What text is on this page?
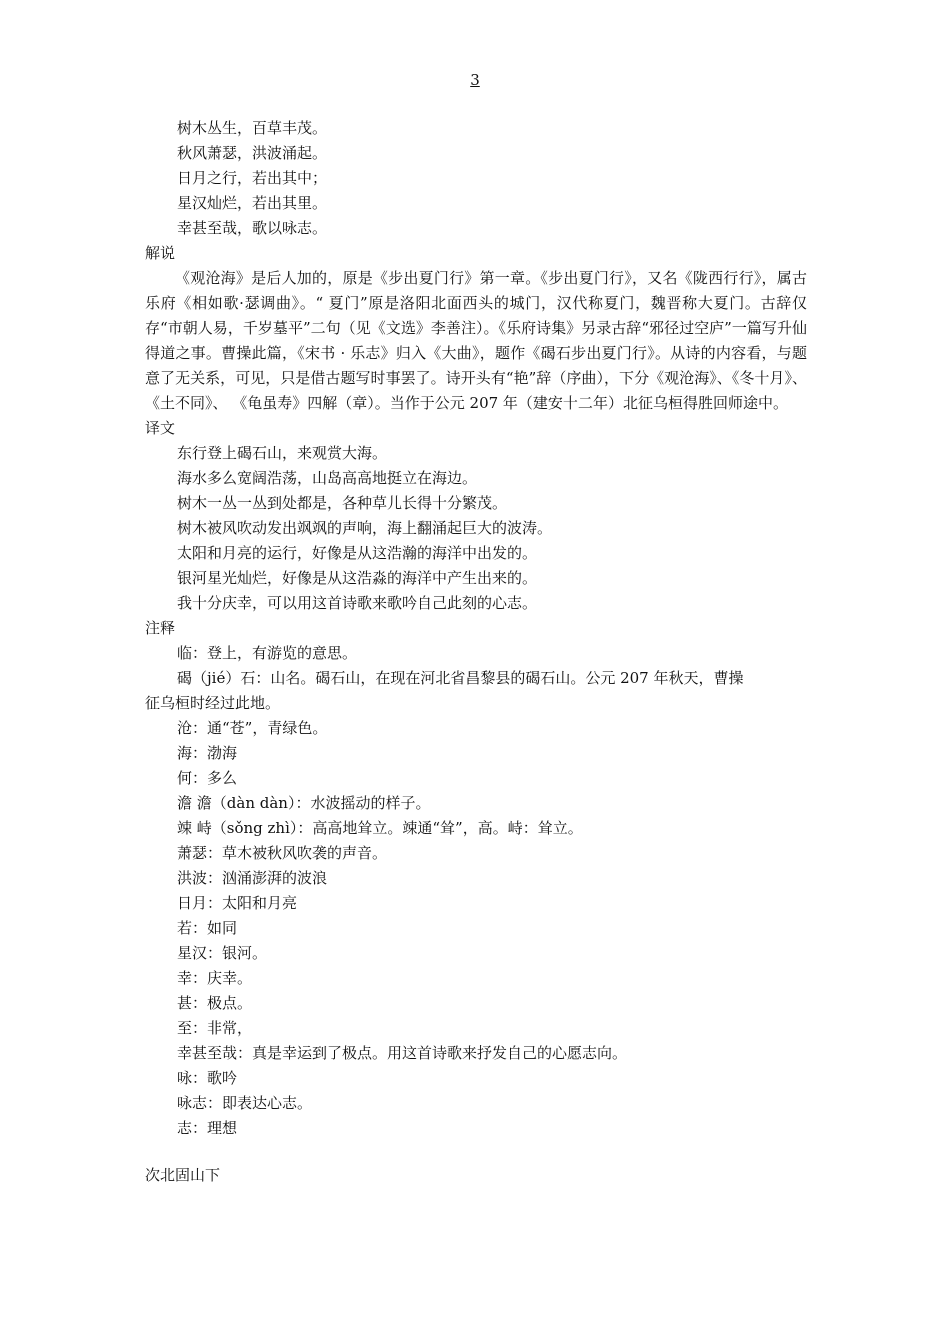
3
树木丛生，百草丰茂。
秋风萧瑟，洪波涌起。
日月之行，若出其中；
星汉灿烂，若出其里。
幸甚至哉，歌以咏志。
解说
《观沧海》是后人加的，原是《步出夏门行》第一章。《步出夏门行》，又名《陇西行行》，属古乐府《相如歌·瑟调曲》。“ 夏门”原是洛阳北面西头的城门，汉代称夏门，魏晋称大夏门。古辞仅存“市朝人易，千岁墓平”二句（见《文选》李善注）。《乐府诗集》另录古辞“邪径过空庐”一篇写升仙得道之事。曹操此篇，《宋书 · 乐志》归入《大曲》，题作《碣石步出夏门行》。从诗的内容看，与题意了无关系，可见，只是借古题写时事罢了。诗开头有“艳”辞（序曲），下分《观沧海》、《冬十月》、《土不同》、 《龟虽寿》四解（章）。当作于公元 207 年（建安十二年）北征乌桓得胜回师途中。
译文
东行登上碣石山，来观赏大海。
海水多么宽阔浩荡，山岛高高地挺立在海边。
树木一丛一丛到处都是，各种草儿长得十分繁茂。
树木被风吹动发出飒飒的声响，海上翻涌起巨大的波涛。
太阳和月亮的运行，好像是从这浩瀚的海洋中出发的。
银河星光灿烂，好像是从这浩淼的海洋中产生出来的。
我十分庆幸，可以用这首诗歌来歌吟自己此刻的心志。
注释
临：登上，有游览的意思。
碣（jié）石：山名。碣石山，在现在河北省昌黎县的碣石山。公元 207 年秋天，曹操
征乌桓时经过此地。
沧：通“苍”，青绿色。
海：渤海
何：多么
澹 澹（dàn dàn）：水波摇动的样子。
竦 峙（sǒng zhì）：高高地耸立。竦通“耸”，高。峙：耸立。
萧瑟：草木被秋风吹袭的声音。
洪波：汹涌澎湃的波浪
日月：太阳和月亮
若：如同
星汉：银河。
幸：庆幸。
甚：极点。
至：非常，
幸甚至哉：真是幸运到了极点。用这首诗歌来抒发自己的心愿志向。
咏：歌吟
咏志：即表达心志。
志：理想
次北固山下
